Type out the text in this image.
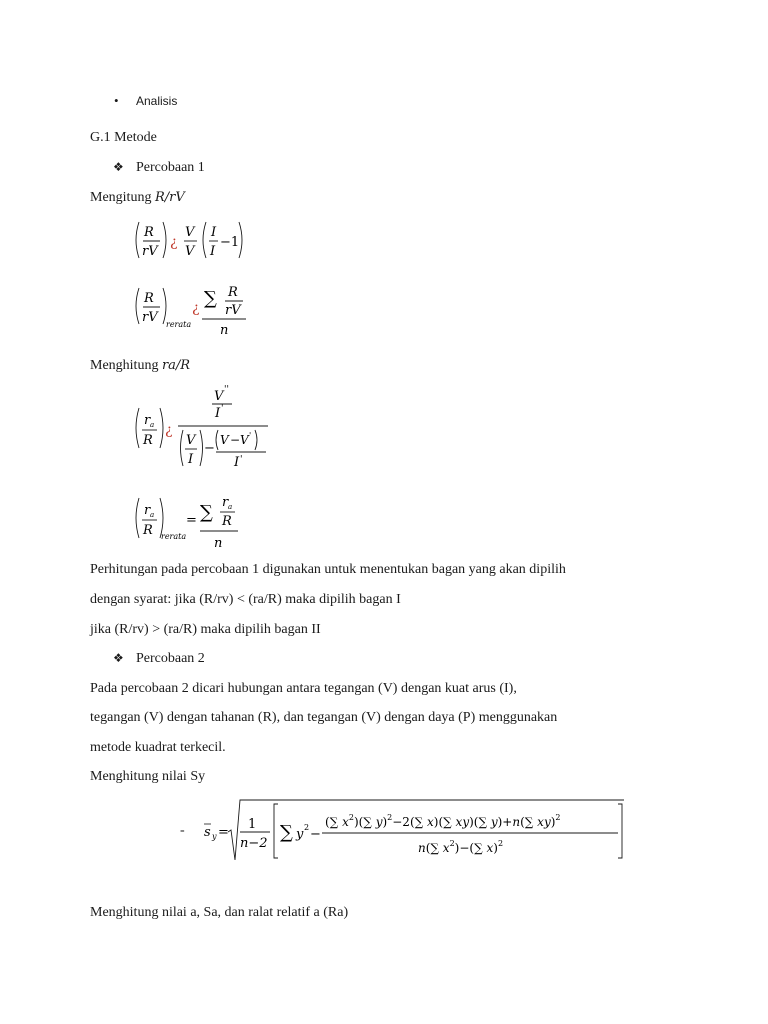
• Analisis
G.1 Metode
❖ Percobaan 1
Mengitung R/rV
R
rV
¿
V
V
I
I
−1
R
rV rerata
¿ ∑ R
rV
n
Menghitung ra/R
r a
R
¿
V ''
I '
V
I
−
V − V '
I '
r a
R rerata
= ∑ r a
R
n
Perhitungan pada percobaan 1 digunakan untuk menentukan bagan yang akan dipilih
dengan syarat: jika (R/rv) < (ra/R) maka dipilih bagan I
jika (R/rv) > (ra/R) maka dipilih bagan II
❖ Percobaan 2
Pada percobaan 2 dicari hubungan antara tegangan (V) dengan kuat arus (I),
tegangan (V) dengan tahanan (R), dan tegangan (V) dengan daya (P) menggunakan
metode kuadrat terkecil.
Menghitung nilai Sy
- s y =
1
n−2
∑ y 2 −
(∑ $x^2)(\sum$ y)$^2$−2(∑ x)(∑ xy)(∑ y)+n(∑ xy)$^2$
n(∑ $x^2)-(\sum$ x)$^2$
Menghitung nilai a, Sa, dan ralat relatif a (Ra)
